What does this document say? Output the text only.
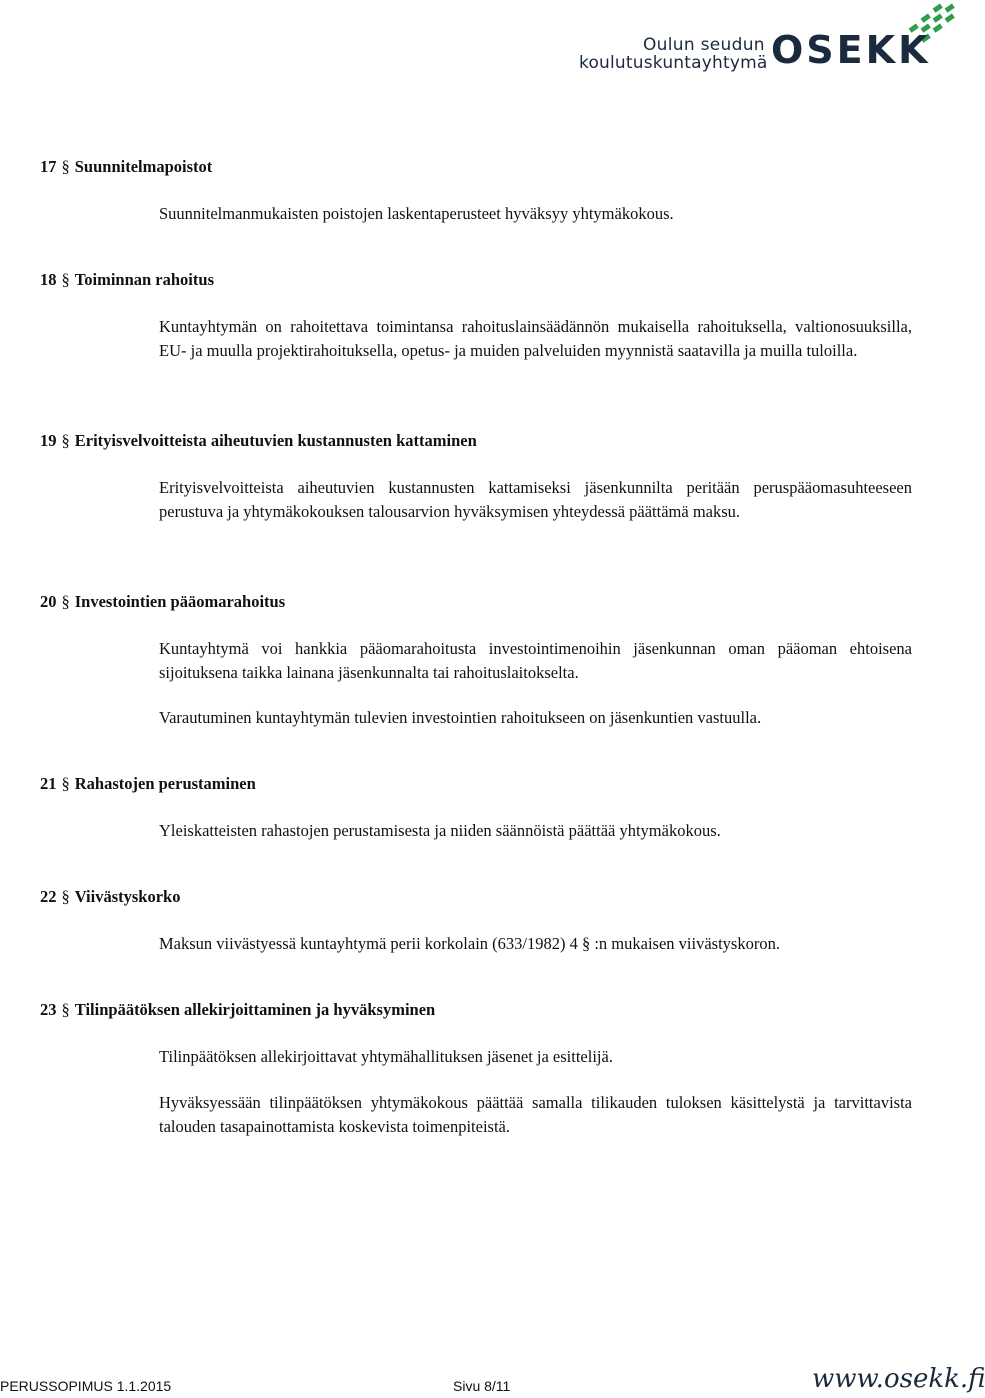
Oulun seudun
koulutuskuntayhtymä OSEKK
17 § Suunnitelmapoistot
Suunnitelmanmukaisten poistojen laskentaperusteet hyväksyy yhtymäkokous.
18 § Toiminnan rahoitus
Kuntayhtymän on rahoitettava toimintansa rahoituslainsäädännön mukaisella rahoituksella, valtionosuuksilla, EU- ja muulla projektirahoituksella, opetus- ja muiden palveluiden myynnistä saatavilla ja muilla tuloilla.
19 § Erityisvelvoitteista aiheutuvien kustannusten kattaminen
Erityisvelvoitteista aiheutuvien kustannusten kattamiseksi jäsenkunnilta peritään peruspääomasuhteeseen perustuva ja yhtymäkokouksen talousarvion hyväksymisen yhteydessä päättämä maksu.
20 § Investointien pääomarahoitus
Kuntayhtymä voi hankkia pääomarahoitusta investointimenoihin jäsenkunnan oman pääoman ehtoisena sijoituksena taikka lainana jäsenkunnalta tai rahoituslaitokselta.
Varautuminen kuntayhtymän tulevien investointien rahoitukseen on jäsenkuntien vastuulla.
21 § Rahastojen perustaminen
Yleiskatteisten rahastojen perustamisesta ja niiden säännöistä päättää yhtymäkokous.
22 § Viivästyskorko
Maksun viivästyessä kuntayhtymä perii korkolain (633/1982) 4 § :n mukaisen viivästyskoron.
23 § Tilinpäätöksen allekirjoittaminen ja hyväksyminen
Tilinpäätöksen allekirjoittavat yhtymähallituksen jäsenet ja esittelijä.
Hyväksyessään tilinpäätöksen yhtymäkokous päättää samalla tilikauden tuloksen käsittelystä ja tarvittavista talouden tasapainottamista koskevista toimenpiteistä.
PERUSSOPIMUS 1.1.2015	Sivu 8/11	www.osekk.fi
